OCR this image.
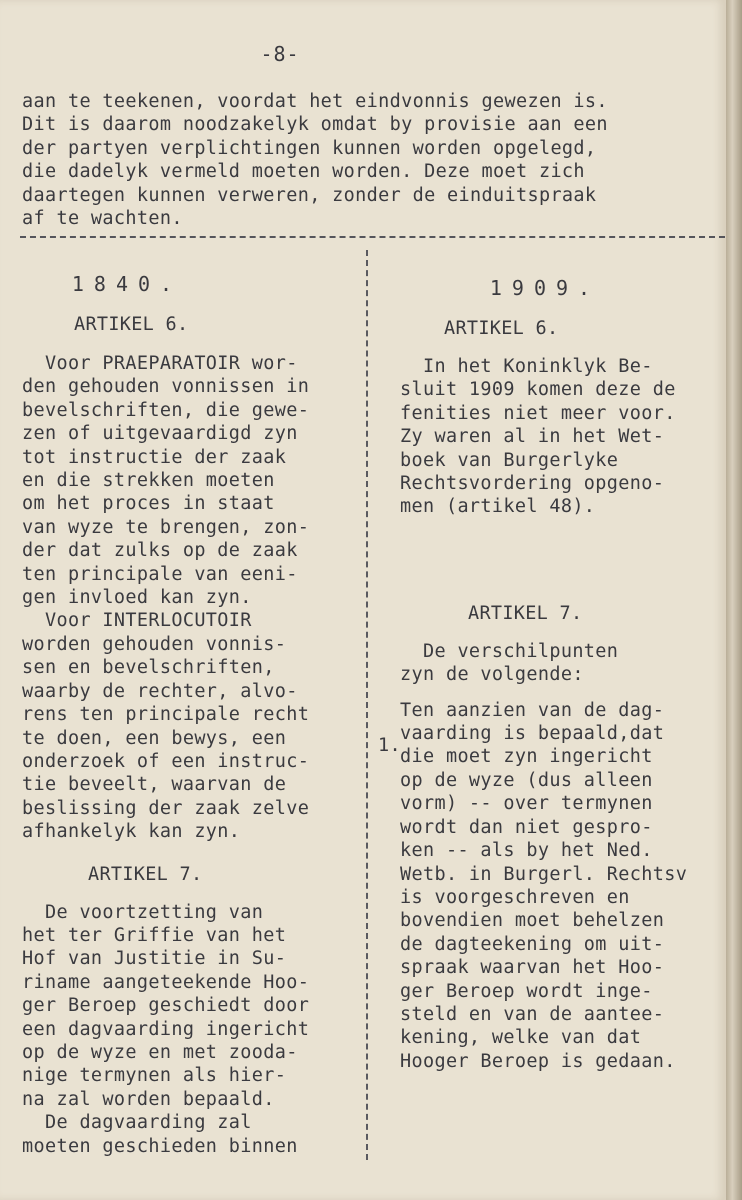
-8-
aan te teekenen, voordat het eindvonnis gewezen is.
Dit is daarom noodzakelyk omdat by provisie aan een
der partyen verplichtingen kunnen worden opgelegd,
die dadelyk vermeld moeten worden. Deze moet zich
daartegen kunnen verweren, zonder de einduitspraak
af te wachten.
1840.
ARTIKEL 6.
Voor PRAEPARATOIR wor-
den gehouden vonnissen in
bevelschriften, die gewe-
zen of uitgevaardigd zyn
tot instructie der zaak
en die strekken moeten
om het proces in staat
van wyze te brengen, zon-
der dat zulks op de zaak
ten principale van eeni-
gen invloed kan zyn.
Voor INTERLOCUTOIR
worden gehouden vonnis-
sen en bevelschriften,
waarby de rechter, alvo-
rens ten principale recht
te doen, een bewys, een
onderzoek of een instruc-
tie beveelt, waarvan de
beslissing der zaak zelve
afhankelyk kan zyn.
ARTIKEL 7.
De voortzetting van
het ter Griffie van het
Hof van Justitie in Su-
riname aangeteekende Hoo-
ger Beroep geschiedt door
een dagvaarding ingericht
op de wyze en met zooda-
nige termynen als hier-
na zal worden bepaald.
De dagvaarding zal
moeten geschieden binnen
1909.
ARTIKEL 6.
In het Koninklyk Be-
sluit 1909 komen deze de
fenities niet meer voor.
Zy waren al in het Wet-
boek van Burgerlyke
Rechtsvordering opgeno-
men (artikel 48).
ARTIKEL 7.
De verschilpunten
zyn de volgende:
Ten aanzien van de dag-
vaarding is bepaald,dat
die moet zyn ingericht
op de wyze (dus alleen
vorm) -- over termynen
wordt dan niet gespro-
ken -- als by het Ned.
Wetb. in Burgerl. Rechtsv
is voorgeschreven en
bovendien moet behelzen
de dagteekening om uit-
spraak waarvan het Hoo-
ger Beroep wordt inge-
steld en van de aantee-
kening, welke van dat
Hooger Beroep is gedaan.
1.
